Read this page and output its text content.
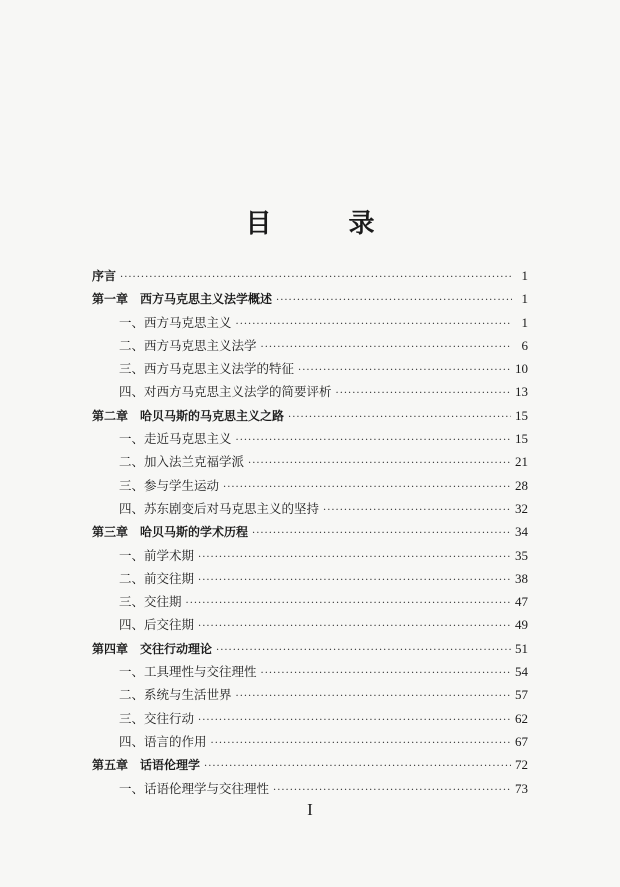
目 录
序言 ·····	1
第一章　西方马克思主义法学概述 ·····	1
一、西方马克思主义 ·····	1
二、西方马克思主义法学 ·····	6
三、西方马克思主义法学的特征 ·····	10
四、对西方马克思主义法学的简要评析 ·····	13
第二章　哈贝马斯的马克思主义之路 ·····	15
一、走近马克思主义 ·····	15
二、加入法兰克福学派 ·····	21
三、参与学生运动 ·····	28
四、苏东剧变后对马克思主义的坚持 ·····	32
第三章　哈贝马斯的学术历程 ·····	34
一、前学术期 ·····	35
二、前交往期 ·····	38
三、交往期 ·····	47
四、后交往期 ·····	49
第四章　交往行动理论 ·····	51
一、工具理性与交往理性 ·····	54
二、系统与生活世界 ·····	57
三、交往行动 ·····	62
四、语言的作用 ·····	67
第五章　话语伦理学 ·····	72
一、话语伦理学与交往理性 ·····	73
I
